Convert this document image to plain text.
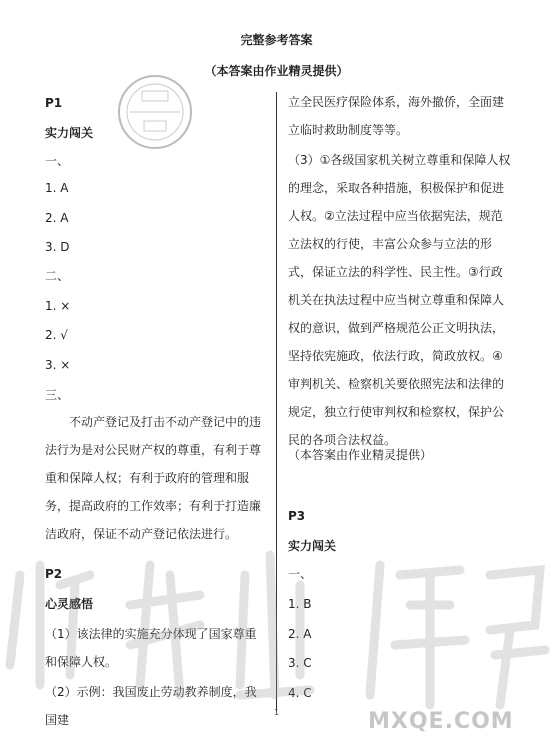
完整参考答案
（本答案由作业精灵提供）
P1
实力闯关
一、
1. A
2. A
3. D
二、
1. ×
2. √
3. ×
三、
不动产登记及打击不动产登记中的违法行为是对公民财产权的尊重，有利于尊重和保障人权；有利于政府的管理和服务，提高政府的工作效率；有利于打造廉洁政府，保证不动产登记依法进行。
P2
心灵感悟
（1）该法律的实施充分体现了国家尊重和保障人权。
（2）示例：我国废止劳动教养制度，我国建
立全民医疗保险体系，海外撤侨，全面建立临时救助制度等等。
（3）①各级国家机关树立尊重和保障人权的理念，采取各种措施，积极保护和促进人权。②立法过程中应当依据宪法，规范立法权的行使，丰富公众参与立法的形式，保证立法的科学性、民主性。③行政机关在执法过程中应当树立尊重和保障人权的意识，做到严格规范公正文明执法，坚持依宪施政，依法行政，简政放权。④审判机关、检察机关要依照宪法和法律的规定，独立行使审判权和检察权，保护公民的各项合法权益。
（本答案由作业精灵提供）
P3
实力闯关
一、
1. B
2. A
3. C
4. C
MXQE.COM
1
